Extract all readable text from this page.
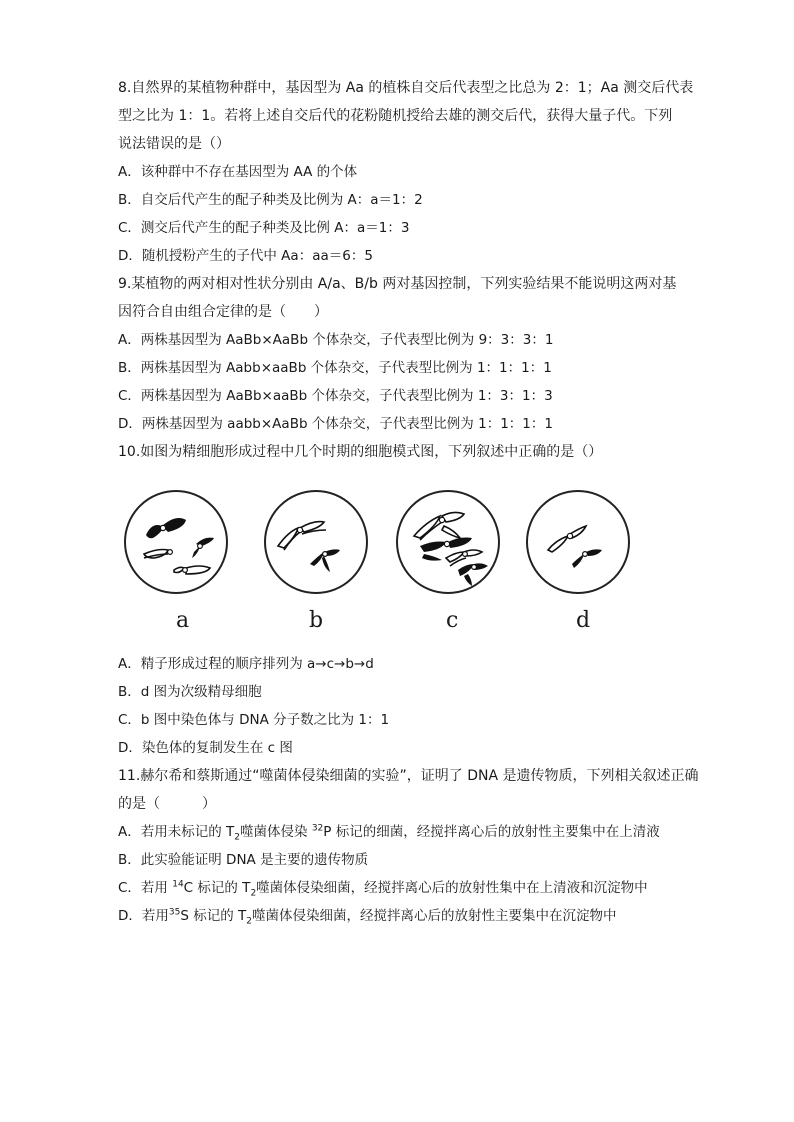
8.自然界的某植物种群中，基因型为 Aa 的植株自交后代表型之比总为 2：1；Aa 测交后代表
型之比为 1：1。若将上述自交后代的花粉随机授给去雄的测交后代，获得大量子代。下列
说法错误的是（）
A．该种群中不存在基因型为 AA 的个体
B．自交后代产生的配子种类及比例为 A：a＝1：2
C．测交后代产生的配子种类及比例 A：a＝1：3
D．随机授粉产生的子代中 Aa：aa＝6：5
9.某植物的两对相对性状分别由 A/a、B/b 两对基因控制，下列实验结果不能说明这两对基
因符合自由组合定律的是（　　）
A．两株基因型为 AaBb×AaBb 个体杂交，子代表型比例为 9：3：3：1
B．两株基因型为 Aabb×aaBb 个体杂交，子代表型比例为 1：1：1：1
C．两株基因型为 AaBb×aaBb 个体杂交，子代表型比例为 1：3：1：3
D．两株基因型为 aabb×AaBb 个体杂交，子代表型比例为 1：1：1：1
10.如图为精细胞形成过程中几个时期的细胞模式图，下列叙述中正确的是（）
a	b	c	d
A．精子形成过程的顺序排列为 a→c→b→d
B．d 图为次级精母细胞
C．b 图中染色体与 DNA 分子数之比为 1：1
D．染色体的复制发生在 c 图
11.赫尔希和蔡斯通过“噬菌体侵染细菌的实验”，证明了 DNA 是遗传物质，下列相关叙述正确
的是（　　　）
A．若用未标记的 $T_2$噬菌体侵染 $^{32}$P 标记的细菌，经搅拌离心后的放射性主要集中在上清液
B．此实验能证明 DNA 是主要的遗传物质
C．若用 $^{14}$C 标记的 $T_2$噬菌体侵染细菌，经搅拌离心后的放射性集中在上清液和沉淀物中
D．若用$^{35}$S 标记的 $T_2$噬菌体侵染细菌，经搅拌离心后的放射性主要集中在沉淀物中
